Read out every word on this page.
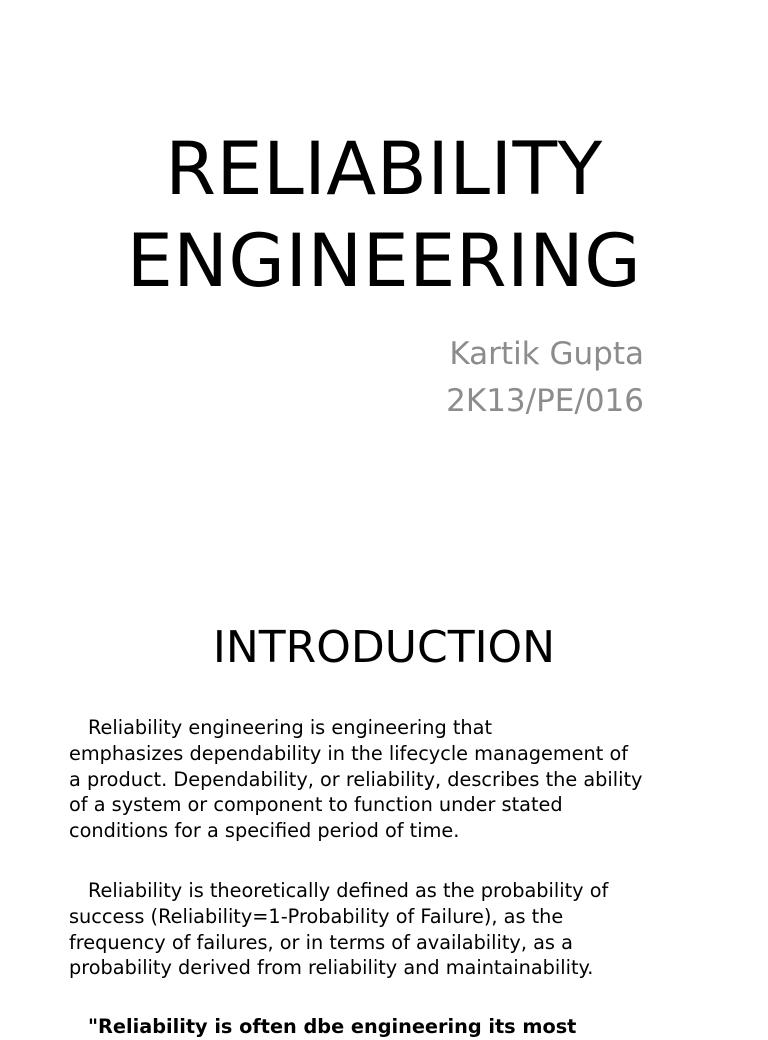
RELIABILITY
ENGINEERING
Kartik Gupta
2K13/PE/016
INTRODUCTION

Reliability engineering is engineering that
emphasizes dependability in the lifecycle management of
a product. Dependability, or reliability, describes the ability
of a system or component to function under stated
conditions for a specified period of time.

Reliability is theoretically defined as the probability of
success (Reliability=1-Probability of Failure), as the
frequency of failures, or in terms of availability, as a
probability derived from reliability and maintainability.

"Reliability is often dbe engineering its most
